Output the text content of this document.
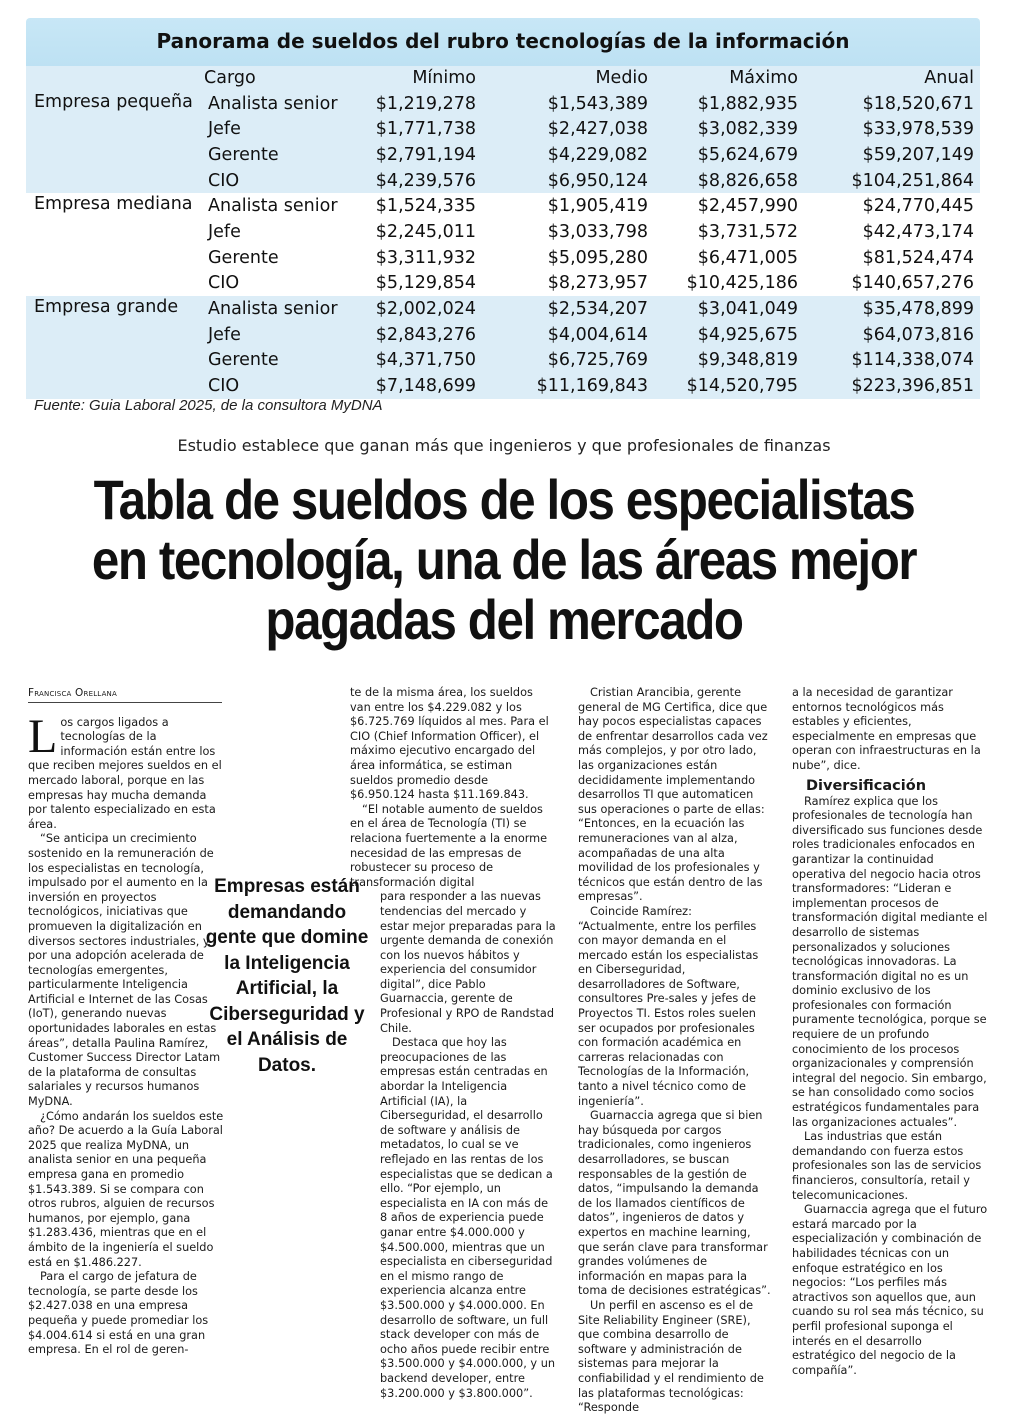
Panorama de sueldos del rubro tecnologías de la información
	Cargo	Mínimo	Medio	Máximo	Anual
Empresa pequeña	Analista senior	$1,219,278	$1,543,389	$1,882,935	$18,520,671
	Jefe	$1,771,738	$2,427,038	$3,082,339	$33,978,539
	Gerente	$2,791,194	$4,229,082	$5,624,679	$59,207,149
	CIO	$4,239,576	$6,950,124	$8,826,658	$104,251,864
Empresa mediana	Analista senior	$1,524,335	$1,905,419	$2,457,990	$24,770,445
	Jefe	$2,245,011	$3,033,798	$3,731,572	$42,473,174
	Gerente	$3,311,932	$5,095,280	$6,471,005	$81,524,474
	CIO	$5,129,854	$8,273,957	$10,425,186	$140,657,276
Empresa grande	Analista senior	$2,002,024	$2,534,207	$3,041,049	$35,478,899
	Jefe	$2,843,276	$4,004,614	$4,925,675	$64,073,816
	Gerente	$4,371,750	$6,725,769	$9,348,819	$114,338,074
	CIO	$7,148,699	$11,169,843	$14,520,795	$223,396,851
Fuente: Guia Laboral 2025, de la consultora MyDNA
Estudio establece que ganan más que ingenieros y que profesionales de finanzas
Tabla de sueldos de los especialistas en tecnología, una de las áreas mejor pagadas del mercado
Francisca Orellana

Los cargos ligados a tecnologías de la información están entre los que reciben mejores sueldos en el mercado laboral, porque en las empresas hay mucha demanda por talento especializado en esta área.

“Se anticipa un crecimiento sostenido en la remuneración de los especialistas en tecnología, impulsado por el aumento en la inversión en proyectos tecnológicos, iniciativas que promueven la digitalización en diversos sectores industriales, y por una adopción acelerada de tecnologías emergentes, particularmente Inteligencia Artificial e Internet de las Cosas (IoT), generando nuevas oportunidades laborales en estas áreas”, detalla Paulina Ramírez, Customer Success Director Latam de la plataforma de consultas salariales y recursos humanos MyDNA.

¿Cómo andarán los sueldos este año? De acuerdo a la Guía Laboral 2025 que realiza MyDNA, un analista senior en una pequeña empresa gana en promedio $1.543.389. Si se compara con otros rubros, alguien de recursos humanos, por ejemplo, gana $1.283.436, mientras que en el ámbito de la ingeniería el sueldo está en $1.486.227.

Para el cargo de jefatura de tecnología, se parte desde los $2.427.038 en una empresa pequeña y puede promediar los $4.004.614 si está en una gran empresa. En el rol de geren-

Empresas están demandando gente que domine la Inteligencia Artificial, la Ciberseguridad y el Análisis de Datos.

te de la misma área, los sueldos van entre los $4.229.082 y los $6.725.769 líquidos al mes. Para el CIO (Chief Information Officer), el máximo ejecutivo encargado del área informática, se estiman sueldos promedio desde $6.950.124 hasta $11.169.843.

“El notable aumento de sueldos en el área de Tecnología (TI) se relaciona fuertemente a la enorme necesidad de las empresas de robustecer su proceso de transformación digital

para responder a las nuevas tendencias del mercado y estar mejor preparadas para la urgente demanda de conexión con los nuevos hábitos y experiencia del consumidor digital”, dice Pablo Guarnaccia, gerente de Profesional y RPO de Randstad Chile.

Destaca que hoy las preocupaciones de las empresas están centradas en abordar la Inteligencia Artificial (IA), la Ciberseguridad, el desarrollo de software y análisis de metadatos, lo cual se ve reflejado en las rentas de los especialistas que se dedican a ello. “Por ejemplo, un especialista en IA con más de 8 años de experiencia puede ganar entre $4.000.000 y $4.500.000, mientras que un especialista en ciberseguridad en el mismo rango de experiencia alcanza entre $3.500.000 y $4.000.000. En desarrollo de software, un full stack developer con más de ocho años puede recibir entre $3.500.000 y $4.000.000, y un backend developer, entre $3.200.000 y $3.800.000”.

Cristian Arancibia, gerente general de MG Certifica, dice que hay pocos especialistas capaces de enfrentar desarrollos cada vez más complejos, y por otro lado, las organizaciones están decididamente implementando desarrollos TI que automaticen sus operaciones o parte de ellas: “Entonces, en la ecuación las remuneraciones van al alza, acompañadas de una alta movilidad de los profesionales y técnicos que están dentro de las empresas”.

Coincide Ramírez: “Actualmente, entre los perfiles con mayor demanda en el mercado están los especialistas en Ciberseguridad, desarrolladores de Software, consultores Pre-sales y jefes de Proyectos TI. Estos roles suelen ser ocupados por profesionales con formación académica en carreras relacionadas con Tecnologías de la Información, tanto a nivel técnico como de ingeniería”.

Guarnaccia agrega que si bien hay búsqueda por cargos tradicionales, como ingenieros desarrolladores, se buscan responsables de la gestión de datos, “impulsando la demanda de los llamados científicos de datos”, ingenieros de datos y expertos en machine learning, que serán clave para transformar grandes volúmenes de información en mapas para la toma de decisiones estratégicas”.

Un perfil en ascenso es el de Site Reliability Engineer (SRE), que combina desarrollo de software y administración de sistemas para mejorar la confiabilidad y el rendimiento de las plataformas tecnológicas: “Responde

a la necesidad de garantizar entornos tecnológicos más estables y eficientes, especialmente en empresas que operan con infraestructuras en la nube”, dice.

Diversificación

Ramírez explica que los profesionales de tecnología han diversificado sus funciones desde roles tradicionales enfocados en garantizar la continuidad operativa del negocio hacia otros transformadores: “Lideran e implementan procesos de transformación digital mediante el desarrollo de sistemas personalizados y soluciones tecnológicas innovadoras. La transformación digital no es un dominio exclusivo de los profesionales con formación puramente tecnológica, porque se requiere de un profundo conocimiento de los procesos organizacionales y comprensión integral del negocio. Sin embargo, se han consolidado como socios estratégicos fundamentales para las organizaciones actuales”.

Las industrias que están demandando con fuerza estos profesionales son las de servicios financieros, consultoría, retail y telecomunicaciones.

Guarnaccia agrega que el futuro estará marcado por la especialización y combinación de habilidades técnicas con un enfoque estratégico en los negocios: “Los perfiles más atractivos son aquellos que, aun cuando su rol sea más técnico, su perfil profesional suponga el interés en el desarrollo estratégico del negocio de la compañía”.
